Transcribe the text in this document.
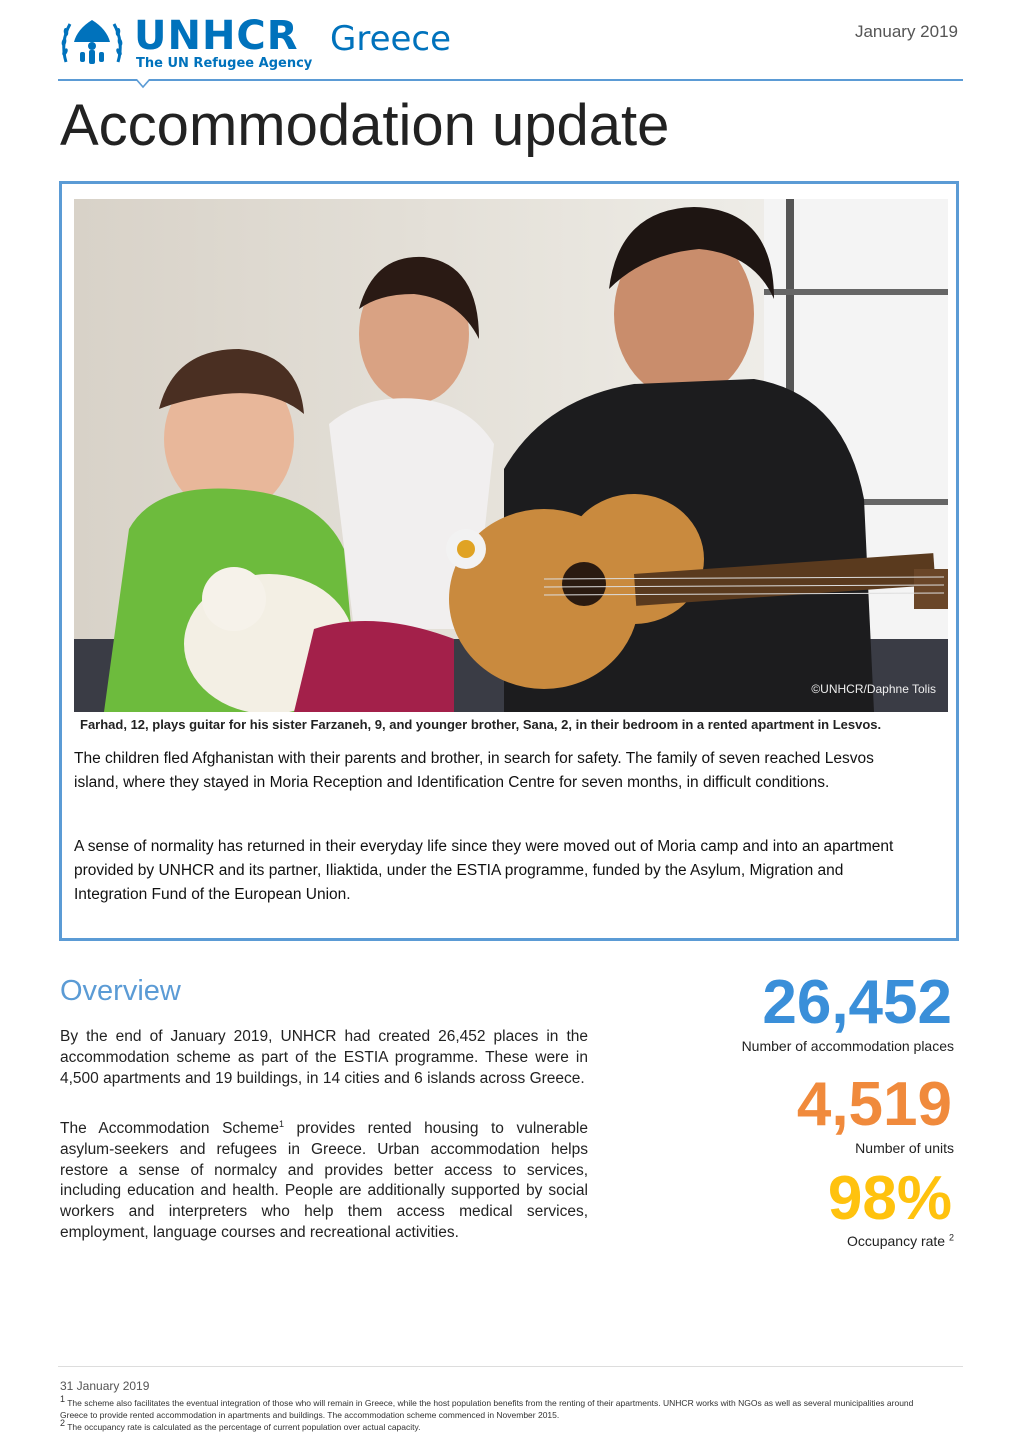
UNHCR
The UN Refugee Agency
Greece	January 2019
Accommodation update
©UNHCR/Daphne Tolis
Farhad, 12, plays guitar for his sister Farzaneh, 9, and younger brother, Sana, 2, in their bedroom in a rented apartment in Lesvos.

The children fled Afghanistan with their parents and brother, in search for safety. The family of seven reached Lesvos island, where they stayed in Moria Reception and Identification Centre for seven months, in difficult conditions.

A sense of normality has returned in their everyday life since they were moved out of Moria camp and into an apartment provided by UNHCR and its partner, Iliaktida, under the ESTIA programme, funded by the Asylum, Migration and Integration Fund of the European Union.

Overview

By the end of January 2019, UNHCR had created 26,452 places in the accommodation scheme as part of the ESTIA programme. These were in 4,500 apartments and 19 buildings, in 14 cities and 6 islands across Greece.

The Accommodation Scheme$^1$ provides rented housing to vulnerable asylum-seekers and refugees in Greece. Urban accommodation helps restore a sense of normalcy and provides better access to services, including education and health. People are additionally supported by social workers and interpreters who help them access medical services, employment, language courses and recreational activities.

26,452
Number of accommodation places
4,519
Number of units
98%
Occupancy rate $^2$
31 January 2019

$^1$ The scheme also facilitates the eventual integration of those who will remain in Greece, while the host population benefits from the renting of their apartments. UNHCR works with NGOs as well as several municipalities around Greece to provide rented accommodation in apartments and buildings. The accommodation scheme commenced in November 2015.

$^2$ The occupancy rate is calculated as the percentage of current population over actual capacity.
